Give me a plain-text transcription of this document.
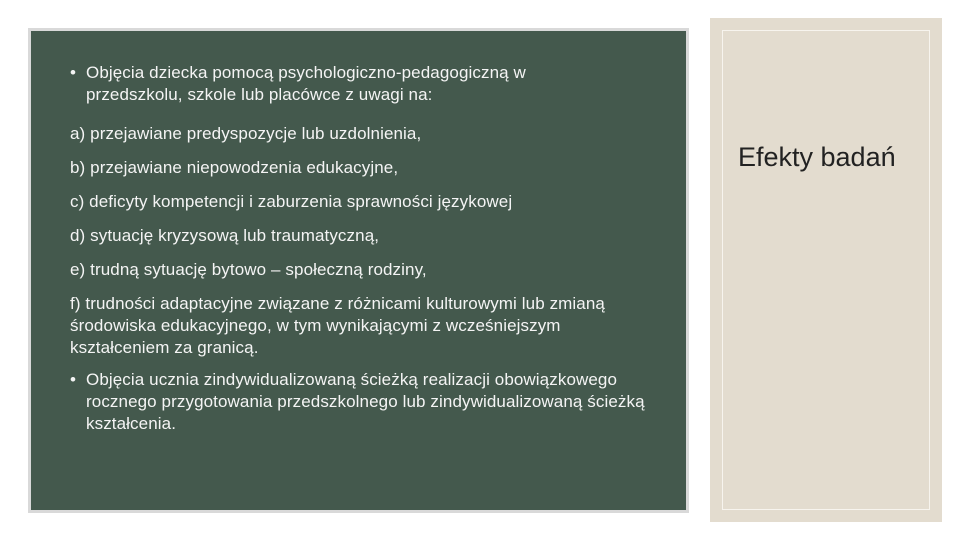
• Objęcia dziecka pomocą psychologiczno-pedagogiczną w przedszkolu, szkole lub placówce z uwagi na:

a) przejawiane predyspozycje lub uzdolnienia,

b) przejawiane niepowodzenia edukacyjne,

c) deficyty kompetencji i zaburzenia sprawności językowej

d) sytuację kryzysową lub traumatyczną,

e) trudną sytuację bytowo – społeczną rodziny,

f) trudności adaptacyjne związane z różnicami kulturowymi lub zmianą środowiska edukacyjnego, w tym wynikającymi z wcześniejszym kształceniem za granicą.

• Objęcia ucznia zindywidualizowaną ścieżką realizacji obowiązkowego rocznego przygotowania przedszkolnego lub zindywidualizowaną ścieżką kształcenia.

Efekty badań
